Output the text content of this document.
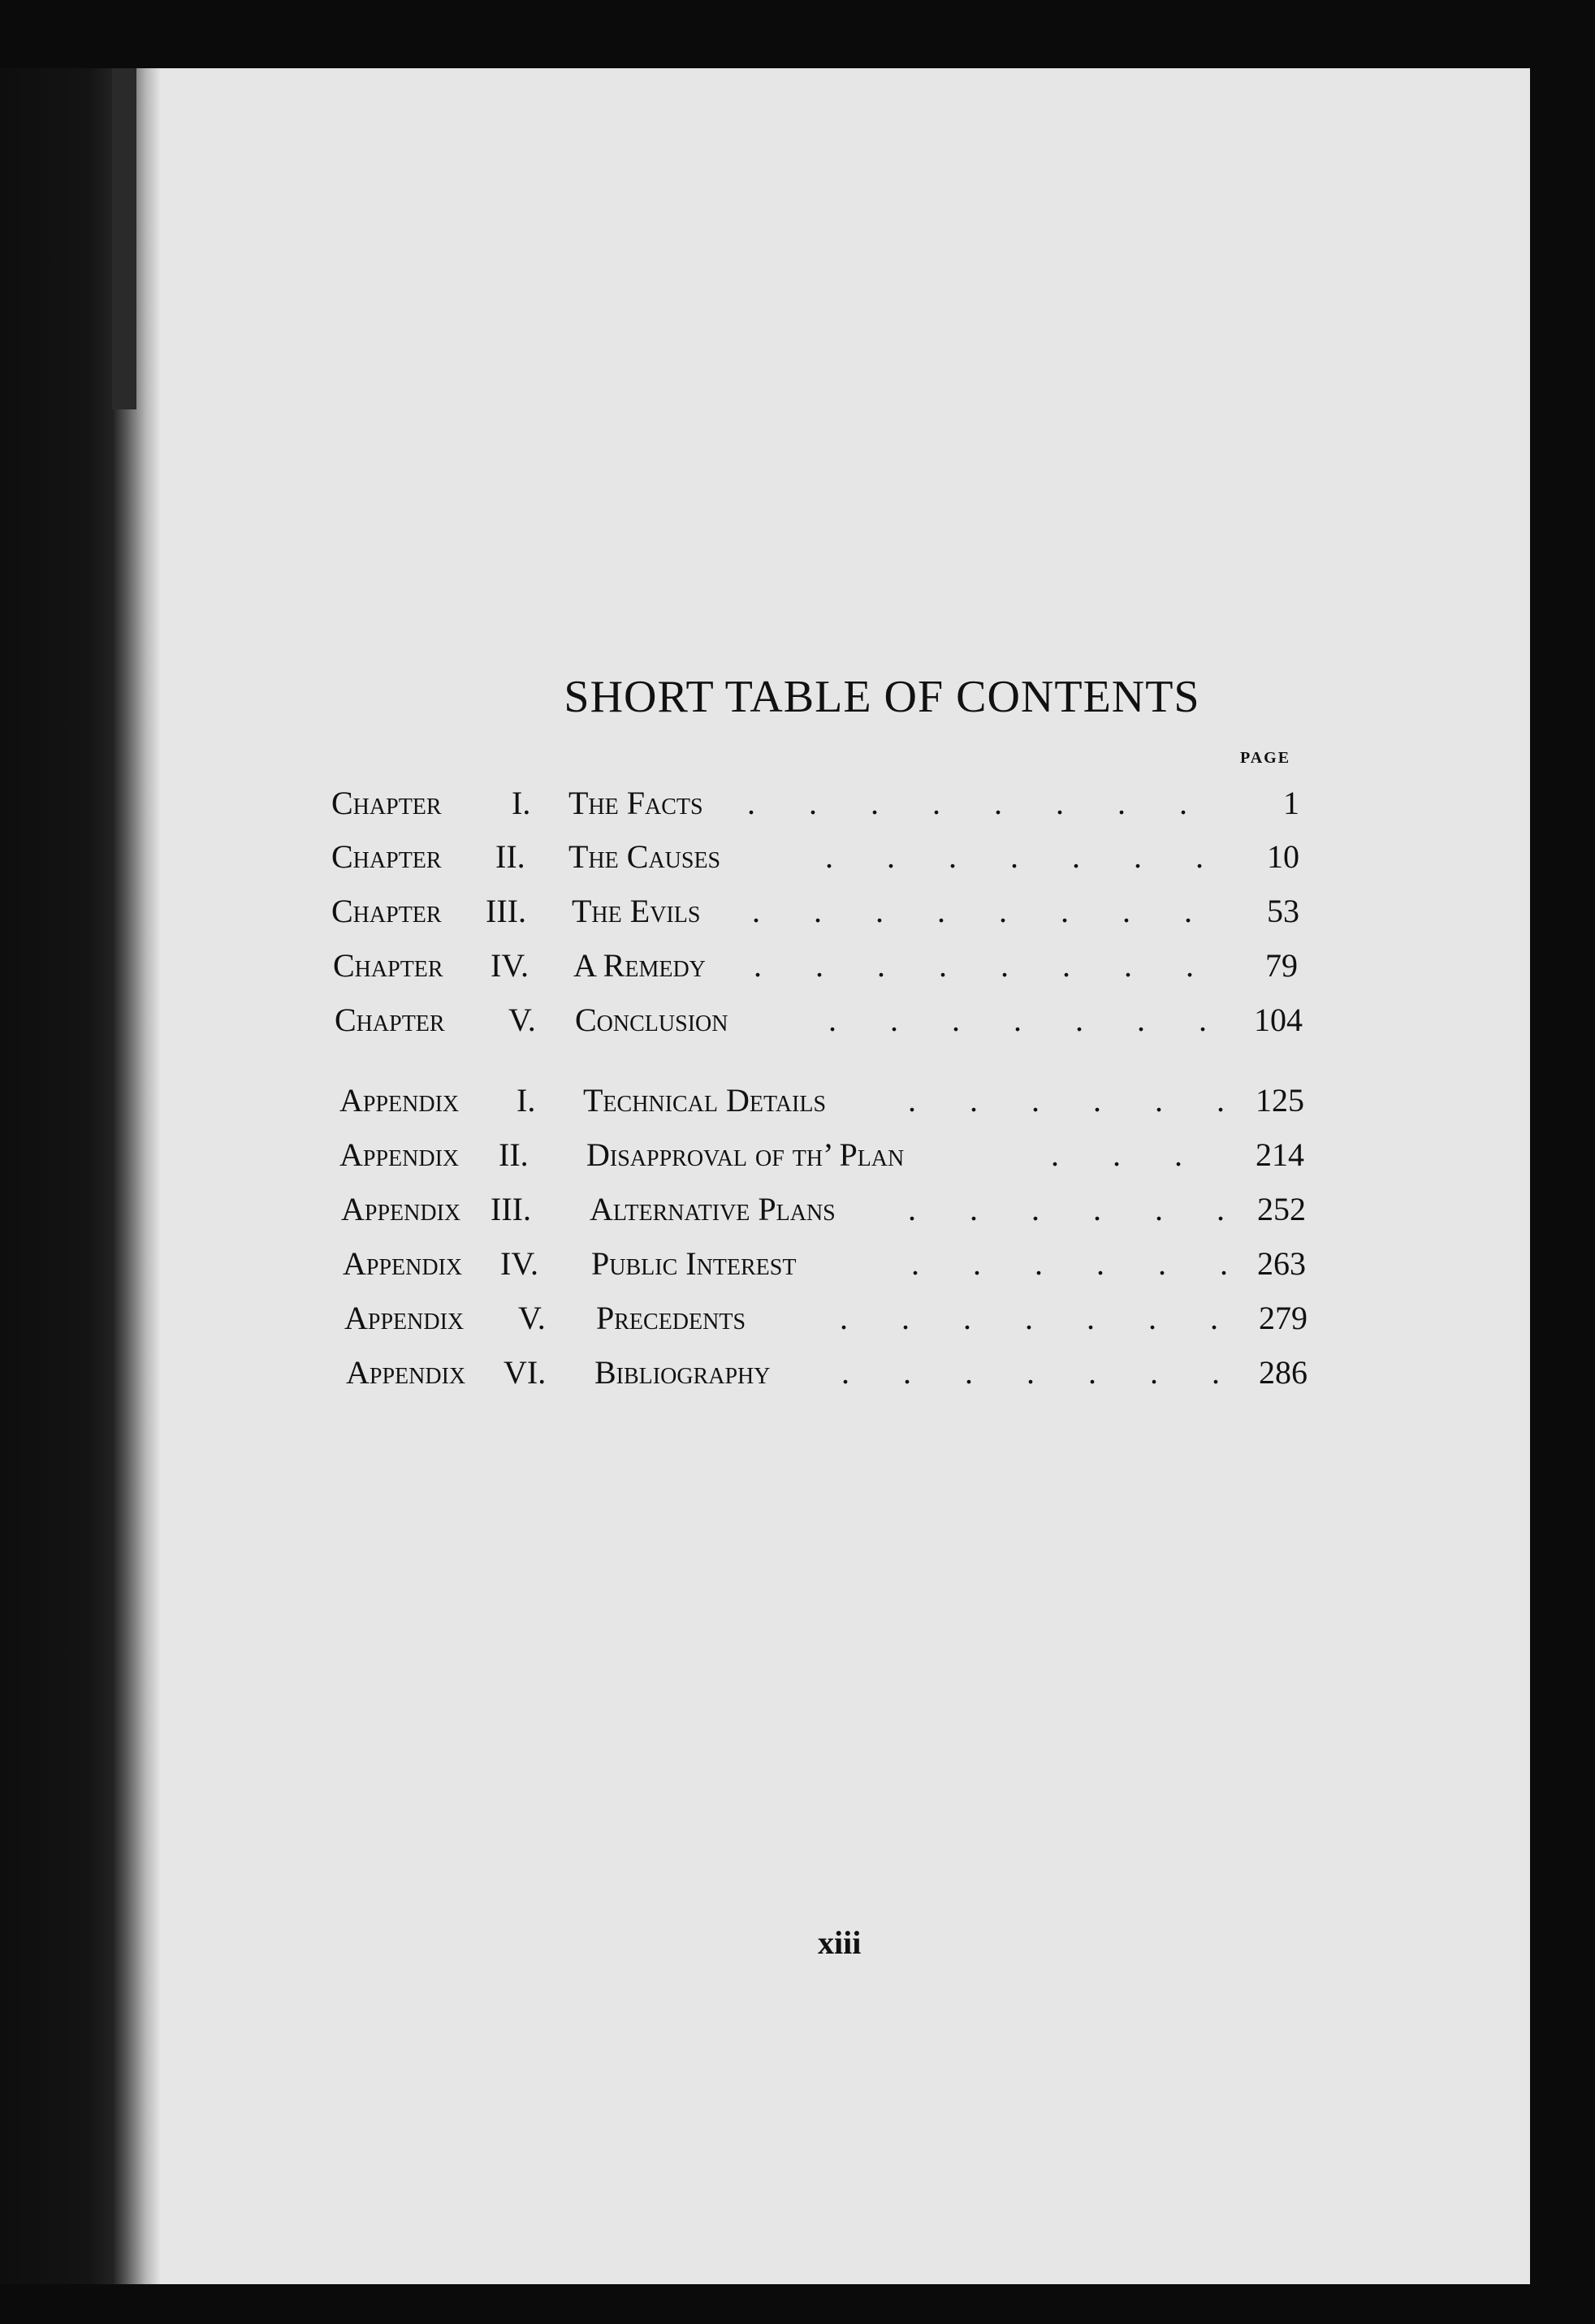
SHORT TABLE OF CONTENTS
PAGE
Chapter I. The Facts . . . . . . . . 1
Chapter II. The Causes	. . . . . . . 10
Chapter III. The Evils . . . . . . . . 53
Chapter IV. A Remedy . . . . . . . . 79
Chapter V. Conclusion	. . . . . . . 104
Appendix I. Technical Details	. . . . . . 125
Appendix II. Disapproval of th’ Plan	. . . 214
Appendix III. Alternative Plans . . . . . . 252
Appendix IV. Public Interest	. . . . . . 263
Appendix V. Precedents	. . . . . . . 279
Appendix VI. Bibliography . . . . . . . 286
xiii
